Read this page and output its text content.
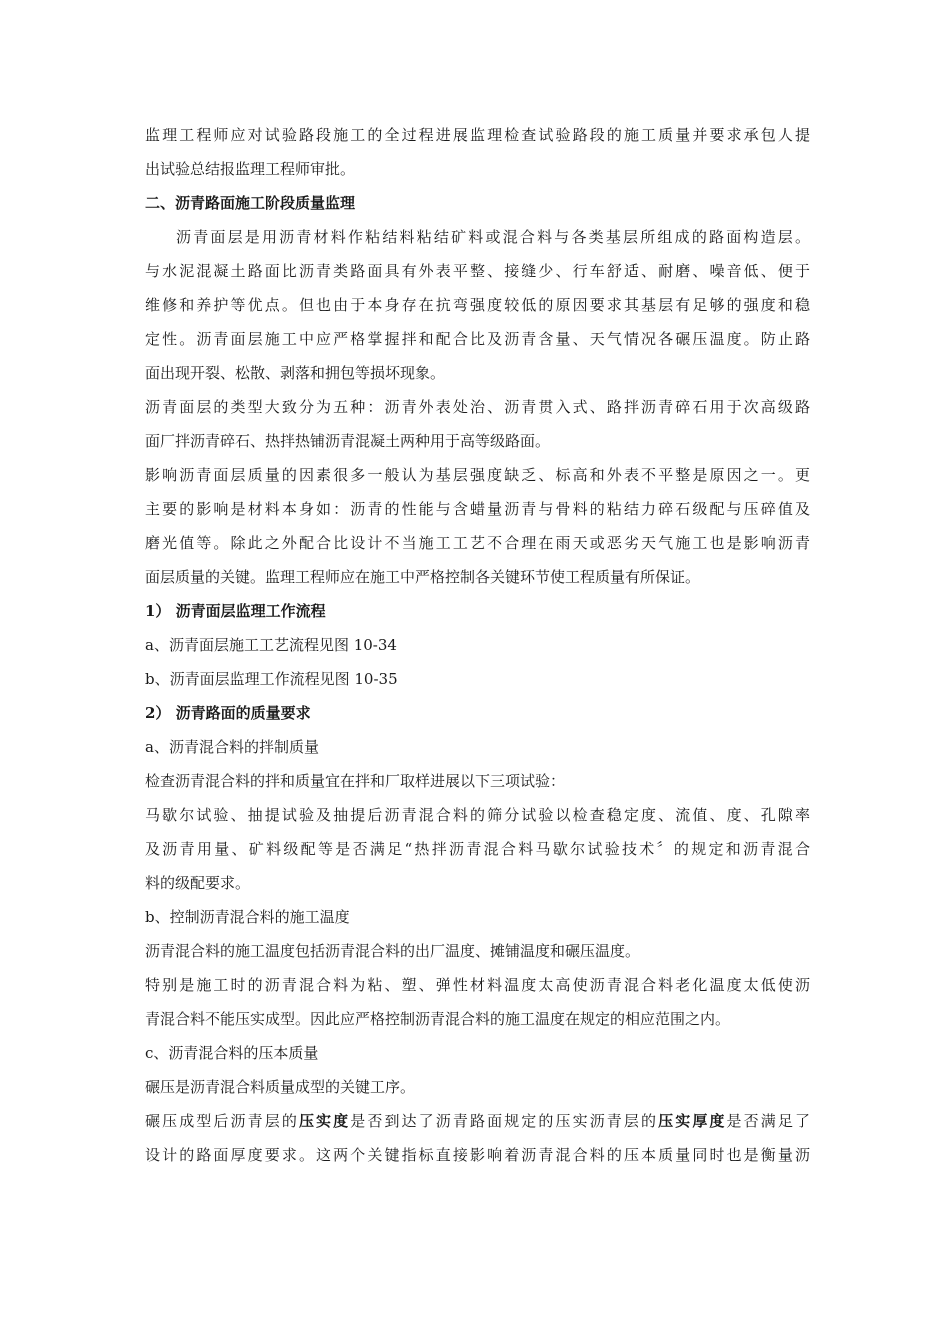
监理工程师应对试验路段施工的全过程进展监理检查试验路段的施工质量并要求承包人提
出试验总结报监理工程师审批。
二、沥青路面施工阶段质量监理
沥青面层是用沥青材料作粘结料粘结矿料或混合料与各类基层所组成的路面构造层。
与水泥混凝土路面比沥青类路面具有外表平整、接缝少、行车舒适、耐磨、噪音低、便于
维修和养护等优点。但也由于本身存在抗弯强度较低的原因要求其基层有足够的强度和稳
定性。沥青面层施工中应严格掌握拌和配合比及沥青含量、天气情况各碾压温度。防止路
面出现开裂、松散、剥落和拥包等损坏现象。
沥青面层的类型大致分为五种：沥青外表处治、沥青贯入式、路拌沥青碎石用于次高级路
面厂拌沥青碎石、热拌热铺沥青混凝土两种用于高等级路面。
影响沥青面层质量的因素很多一般认为基层强度缺乏、标高和外表不平整是原因之一。更
主要的影响是材料本身如：沥青的性能与含蜡量沥青与骨料的粘结力碎石级配与压碎值及
磨光值等。除此之外配合比设计不当施工工艺不合理在雨天或恶劣天气施工也是影响沥青
面层质量的关键。监理工程师应在施工中严格控制各关键环节使工程质量有所保证。
1） 沥青面层监理工作流程
a、沥青面层施工工艺流程见图 10-34
b、沥青面层监理工作流程见图 10-35
2） 沥青路面的质量要求
a、沥青混合料的拌制质量
检查沥青混合料的拌和质量宜在拌和厂取样进展以下三项试验：
马歇尔试验、抽提试验及抽提后沥青混合料的筛分试验以检查稳定度、流值、度、孔隙率
及沥青用量、矿料级配等是否满足“热拌沥青混合料马歇尔试验技术〞的规定和沥青混合
料的级配要求。
b、控制沥青混合料的施工温度
沥青混合料的施工温度包括沥青混合料的出厂温度、摊铺温度和碾压温度。
特别是施工时的沥青混合料为粘、塑、弹性材料温度太高使沥青混合料老化温度太低使沥
青混合料不能压实成型。因此应严格控制沥青混合料的施工温度在规定的相应范围之内。
c、沥青混合料的压本质量
碾压是沥青混合料质量成型的关键工序。
碾压成型后沥青层的压实度是否到达了沥青路面规定的压实沥青层的压实厚度是否满足了
设计的路面厚度要求。这两个关键指标直接影响着沥青混合料的压本质量同时也是衡量沥
